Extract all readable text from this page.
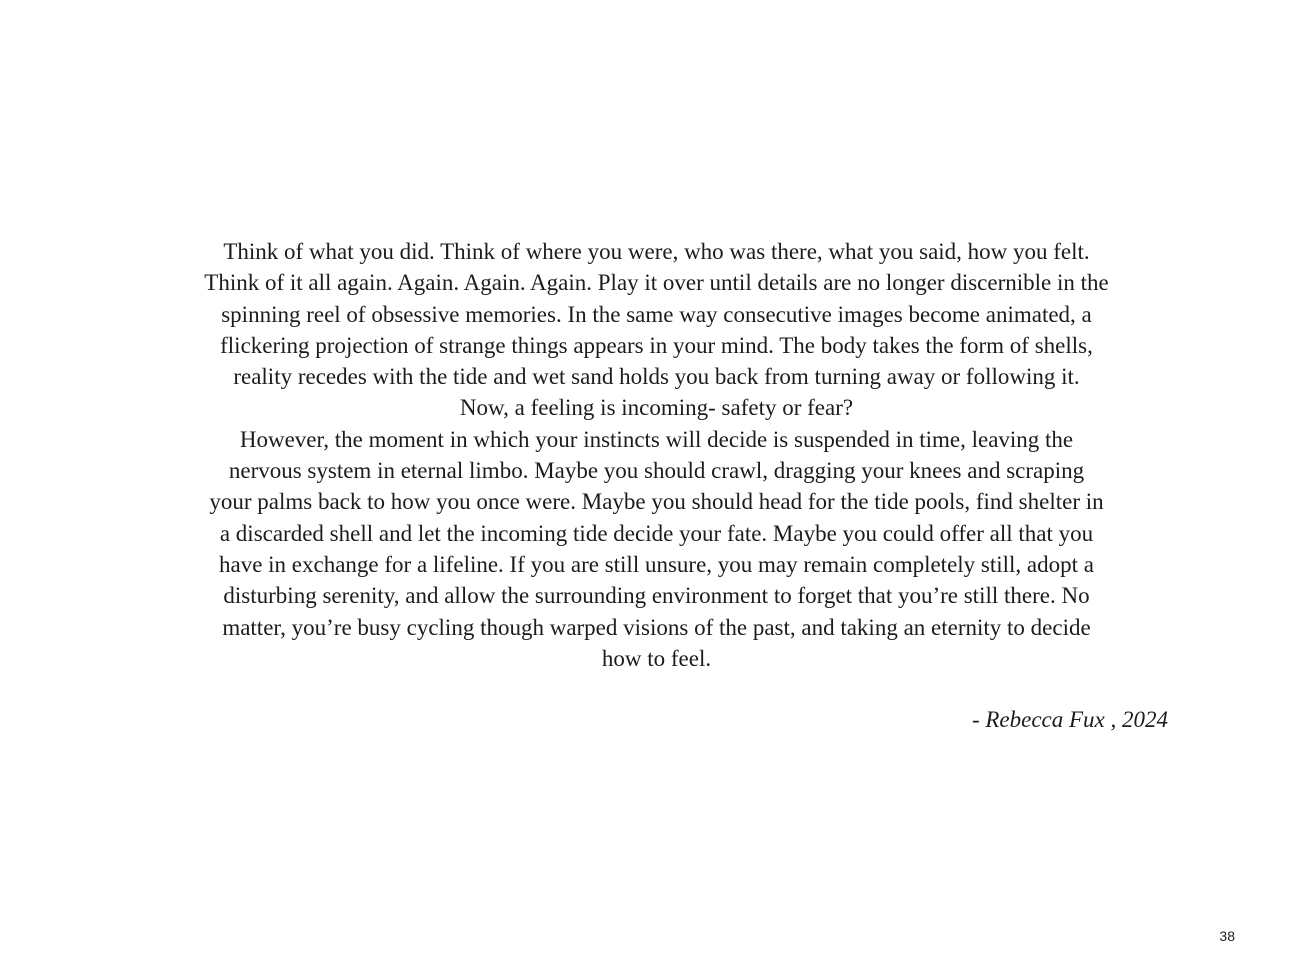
Think of what you did. Think of where you were, who was there, what you said, how you felt.
Think of it all again. Again. Again. Again. Play it over until details are no longer discernible in the
spinning reel of obsessive memories. In the same way consecutive images become animated, a
flickering projection of strange things appears in your mind. The body takes the form of shells,
reality recedes with the tide and wet sand holds you back from turning away or following it.
Now, a feeling is incoming- safety or fear?
However, the moment in which your instincts will decide is suspended in time, leaving the
nervous system in eternal limbo. Maybe you should crawl, dragging your knees and scraping
your palms back to how you once were. Maybe you should head for the tide pools, find shelter in
a discarded shell and let the incoming tide decide your fate. Maybe you could offer all that you
have in exchange for a lifeline. If you are still unsure, you may remain completely still, adopt a
disturbing serenity, and allow the surrounding environment to forget that you’re still there. No
matter, you’re busy cycling though warped visions of the past, and taking an eternity to decide
how to feel.
- Rebecca Fux , 2024
38
